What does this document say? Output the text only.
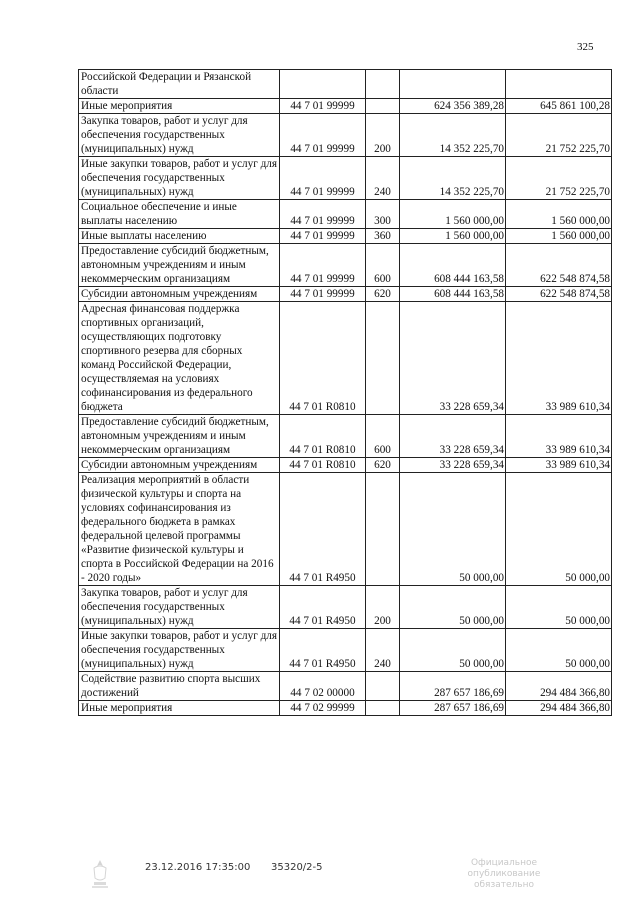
325
Российской Федерации и Рязанской области				
Иные мероприятия	44 7 01 99999		624 356 389,28	645 861 100,28
Закупка товаров, работ и услуг для обеспечения государственных (муниципальных) нужд	44 7 01 99999	200	14 352 225,70	21 752 225,70
Иные закупки товаров, работ и услуг для обеспечения государственных (муниципальных) нужд	44 7 01 99999	240	14 352 225,70	21 752 225,70
Социальное обеспечение и иные выплаты населению	44 7 01 99999	300	1 560 000,00	1 560 000,00
Иные выплаты населению	44 7 01 99999	360	1 560 000,00	1 560 000,00
Предоставление субсидий бюджетным, автономным учреждениям и иным некоммерческим организациям	44 7 01 99999	600	608 444 163,58	622 548 874,58
Субсидии автономным учреждениям	44 7 01 99999	620	608 444 163,58	622 548 874,58
Адресная финансовая поддержка спортивных организаций, осуществляющих подготовку спортивного резерва для сборных команд Российской Федерации, осуществляемая на условиях софинансирования из федерального бюджета	44 7 01 R0810		33 228 659,34	33 989 610,34
Предоставление субсидий бюджетным, автономным учреждениям и иным некоммерческим организациям	44 7 01 R0810	600	33 228 659,34	33 989 610,34
Субсидии автономным учреждениям	44 7 01 R0810	620	33 228 659,34	33 989 610,34
Реализация мероприятий в области физической культуры и спорта на условиях софинансирования из федерального бюджета в рамках федеральной целевой программы «Развитие физической культуры и спорта в Российской Федерации на 2016 - 2020 годы»	44 7 01 R4950		50 000,00	50 000,00
Закупка товаров, работ и услуг для обеспечения государственных (муниципальных) нужд	44 7 01 R4950	200	50 000,00	50 000,00
Иные закупки товаров, работ и услуг для обеспечения государственных (муниципальных) нужд	44 7 01 R4950	240	50 000,00	50 000,00
Содействие развитию спорта высших достижений	44 7 02 00000		287 657 186,69	294 484 366,80
Иные мероприятия	44 7 02 99999		287 657 186,69	294 484 366,80
23.12.2016 17:35:00 35320/2-5	Официальное опубликование
обязательно
